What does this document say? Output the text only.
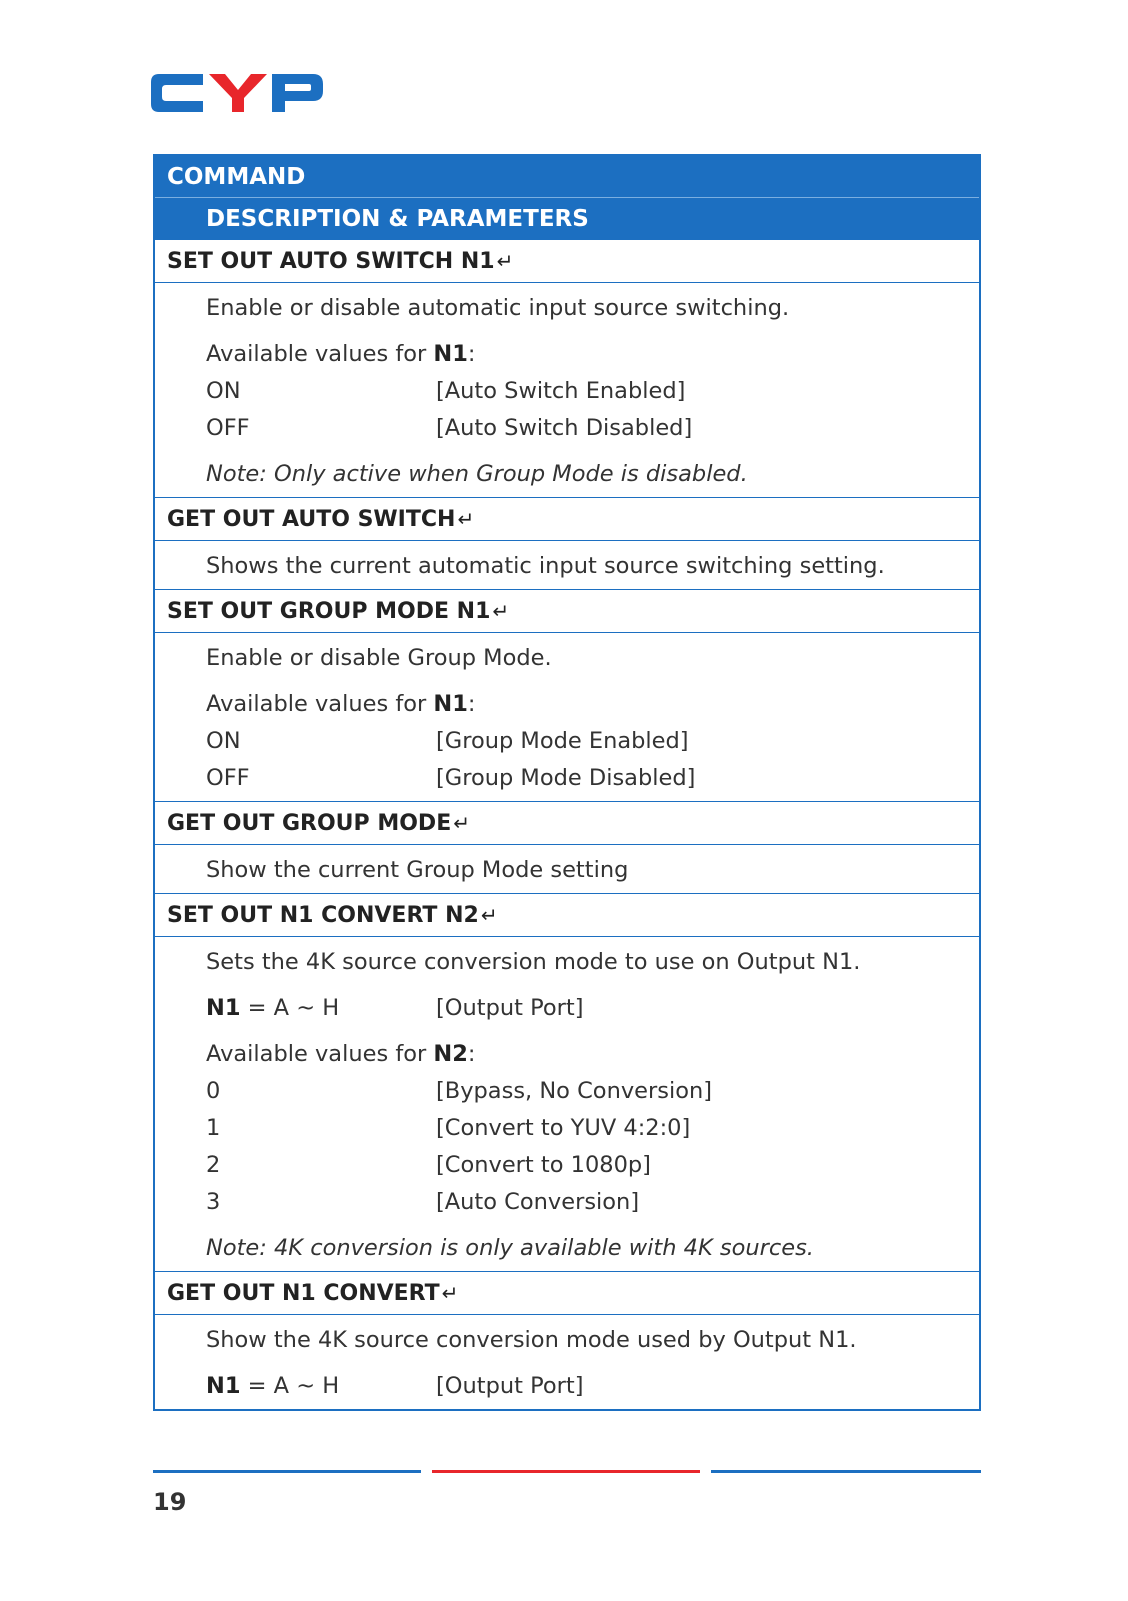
COMMAND
DESCRIPTION & PARAMETERS
SET OUT AUTO SWITCH N1 ↵
Enable or disable automatic input source switching.
Available values for N1:
ON	[Auto Switch Enabled]
OFF	[Auto Switch Disabled]
Note: Only active when Group Mode is disabled.
GET OUT AUTO SWITCH ↵
Shows the current automatic input source switching setting.
SET OUT GROUP MODE N1 ↵
Enable or disable Group Mode.
Available values for N1:
ON	[Group Mode Enabled]
OFF	[Group Mode Disabled]
GET OUT GROUP MODE ↵
Show the current Group Mode setting
SET OUT N1 CONVERT N2 ↵
Sets the 4K source conversion mode to use on Output N1.
N1 = A ~ H	[Output Port]
Available values for N2:
0	[Bypass, No Conversion]
1	[Convert to YUV 4:2:0]
2	[Convert to 1080p]
3	[Auto Conversion]
Note: 4K conversion is only available with 4K sources.
GET OUT N1 CONVERT ↵
Show the 4K source conversion mode used by Output N1.
N1 = A ~ H	[Output Port]
19
